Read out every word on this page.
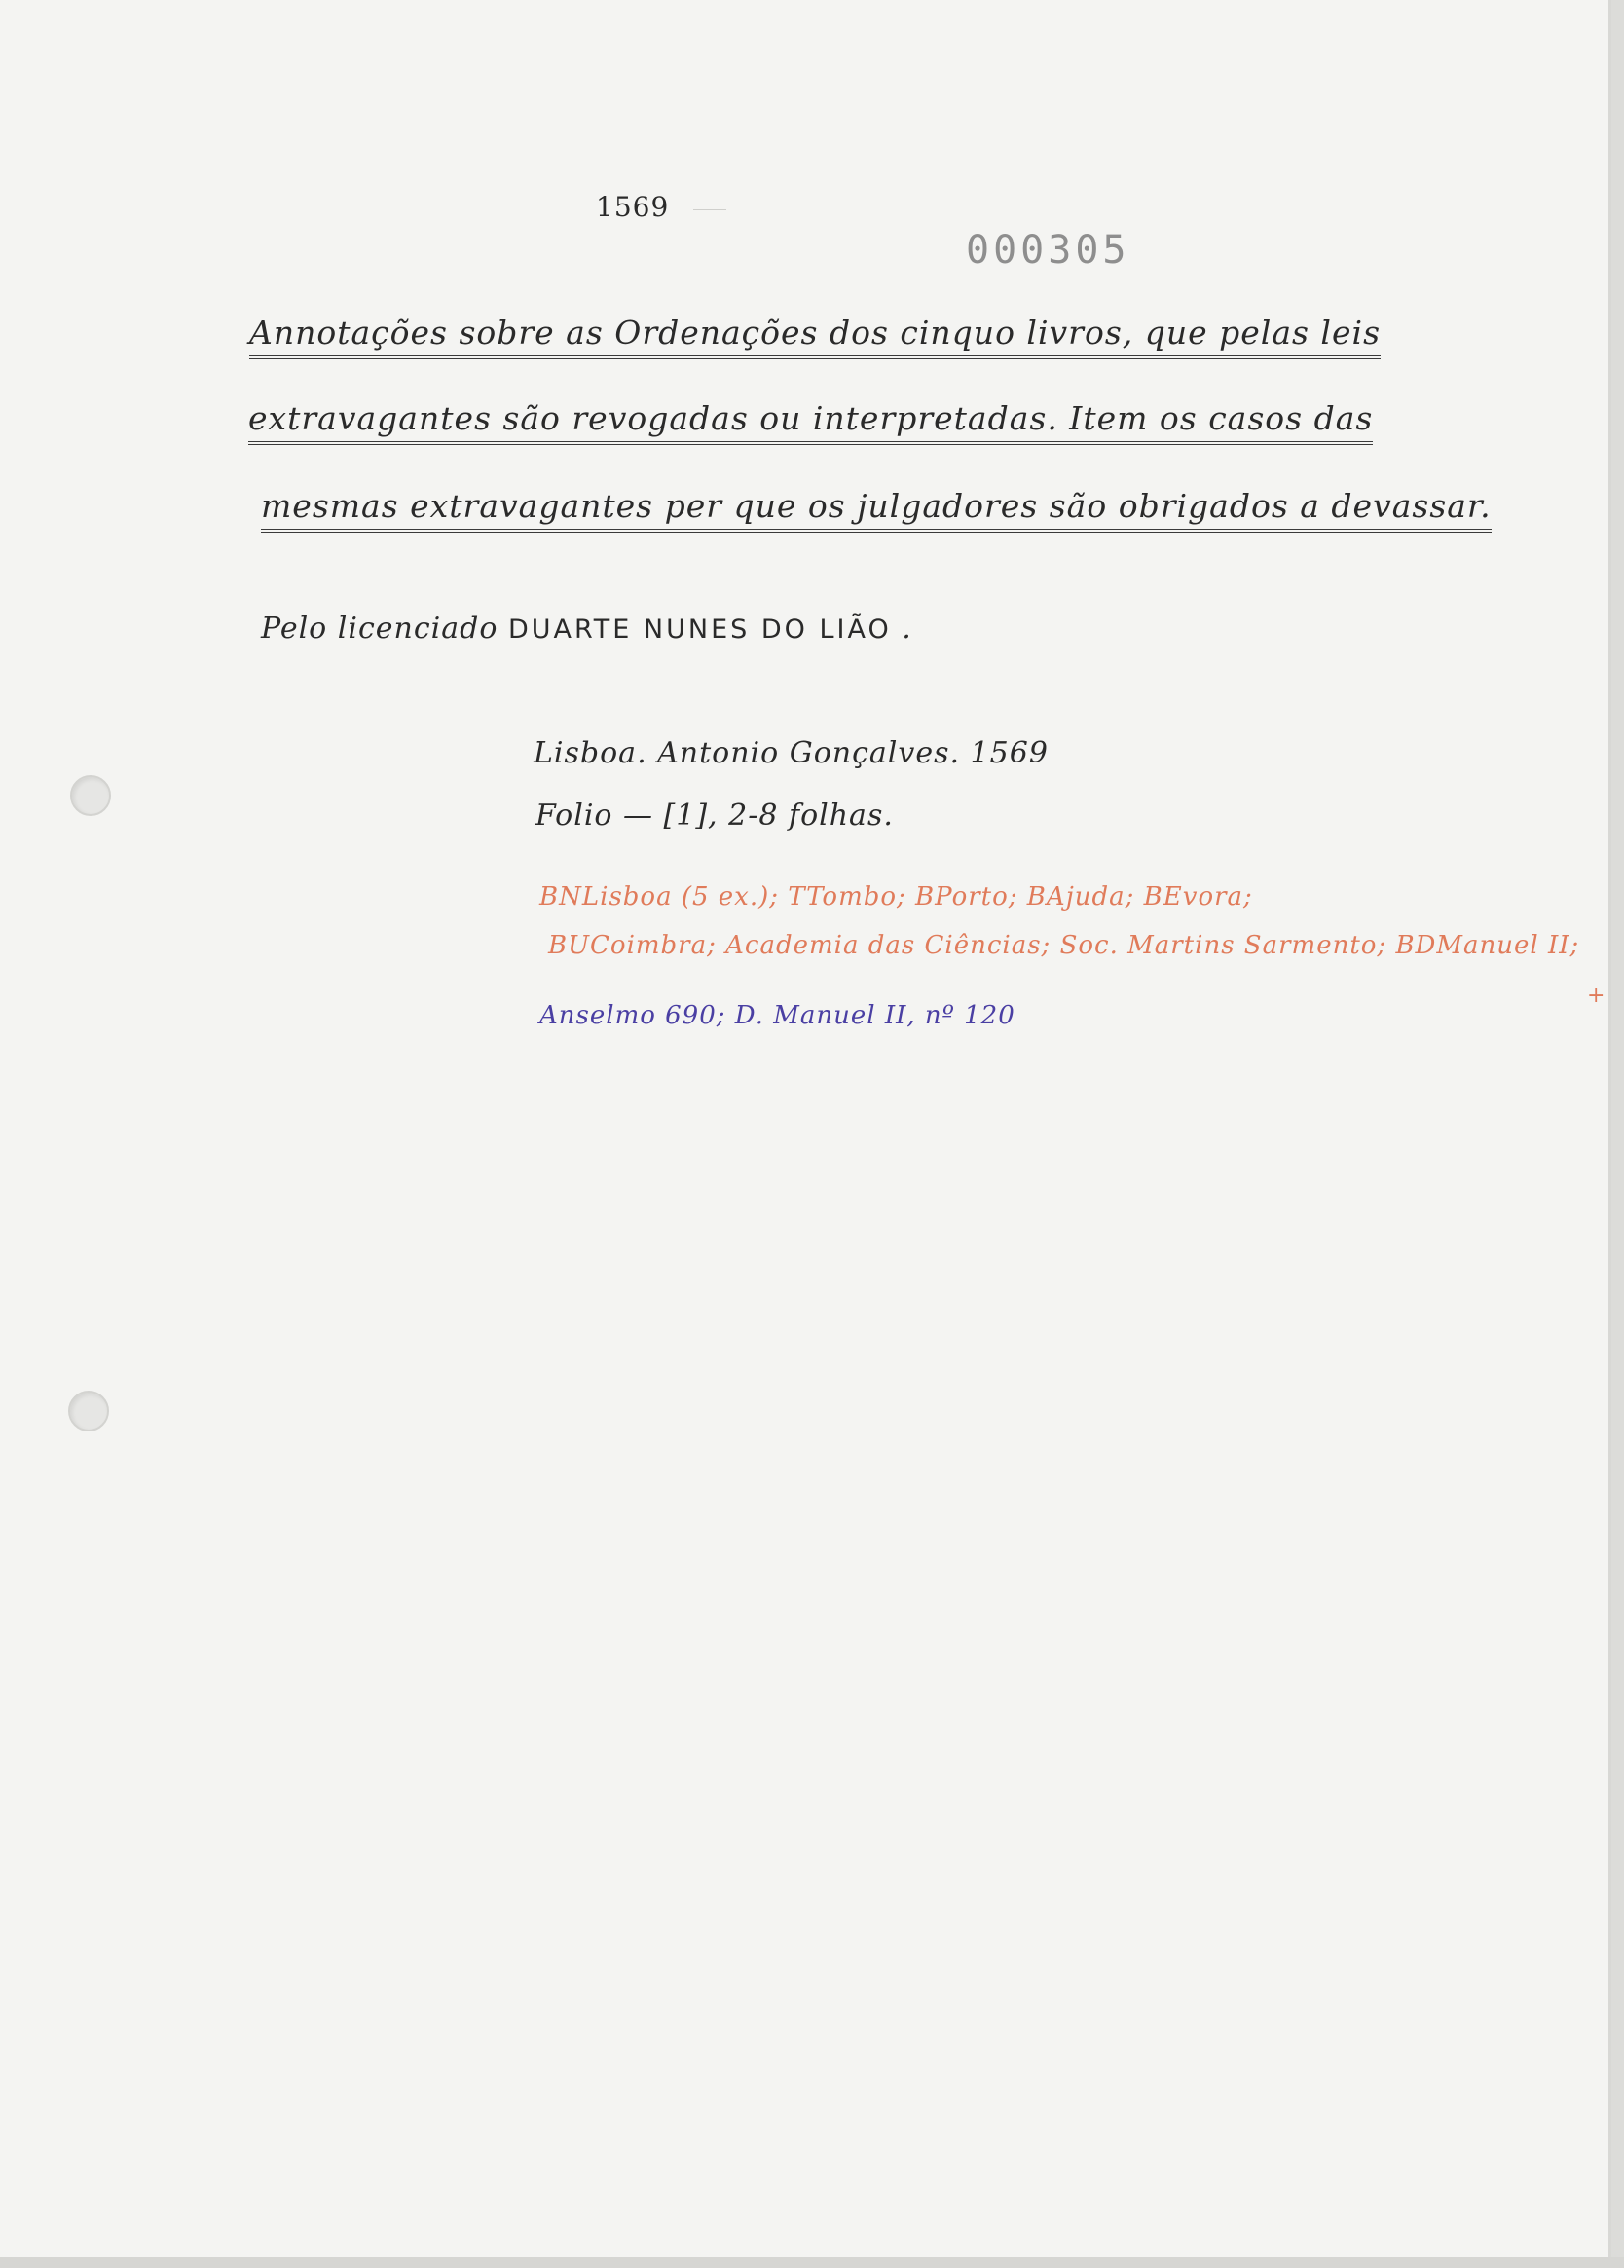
1569
000305
Annotações sobre as Ordenações dos cinquo livros, que pelas leis
extravagantes são revogadas ou interpretadas. Item os casos das
mesmas extravagantes per que os julgadores são obrigados a devassar.
Pelo licenciado DUARTE NUNES DO LIÃO .
Lisboa. Antonio Gonçalves. 1569
Folio — [1], 2-8 folhas.
BNLisboa (5 ex.); TTombo; BPorto; BAjuda; BEvora;
BUCoimbra; Academia das Ciências; Soc. Martins Sarmento; BDManuel II;
+
Anselmo 690; D. Manuel II, nº 120
